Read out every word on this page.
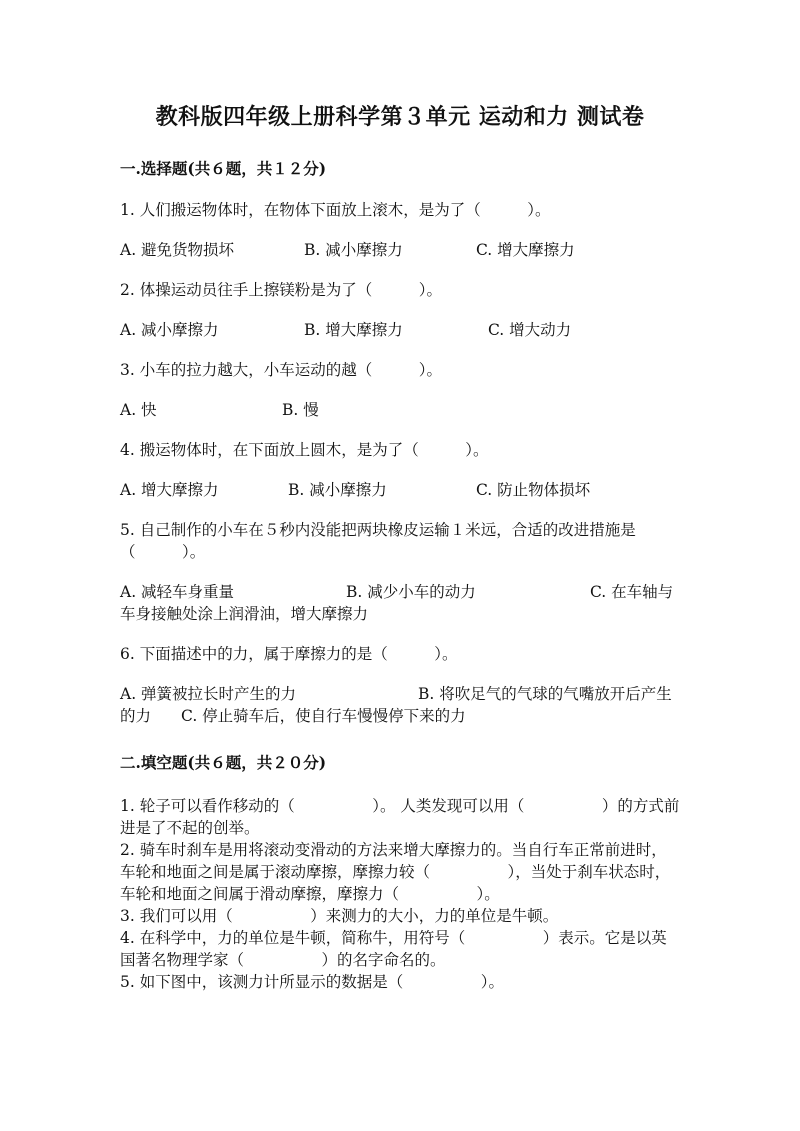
教科版四年级上册科学第３单元 运动和力 测试卷
一.选择题(共６题，共１２分)

1. 人们搬运物体时，在物体下面放上滚木，是为了（　　　）。

A. 避免货物损坏	B. 减小摩擦力	C. 增大摩擦力

2. 体操运动员往手上擦镁粉是为了（　　　）。

A. 减小摩擦力	B. 增大摩擦力	C. 增大动力

3. 小车的拉力越大，小车运动的越（　　　）。

A. 快	B. 慢

4. 搬运物体时，在下面放上圆木，是为了（　　　）。

A. 增大摩擦力	B. 减小摩擦力	C. 防止物体损坏

5. 自己制作的小车在５秒内没能把两块橡皮运输１米远，合适的改进措施是（　　　）。

A. 减轻车身重量	B. 减少小车的动力	C. 在车轴与车身接触处涂上润滑油，增大摩擦力

6. 下面描述中的力，属于摩擦力的是（　　　）。

A. 弹簧被拉长时产生的力	B. 将吹足气的气球的气嘴放开后产生的力 C. 停止骑车后，使自行车慢慢停下来的力

二.填空题(共６题，共２０分)

1. 轮子可以看作移动的（　　　　　）。 人类发现可以用（　　　　　）的方式前进是了不起的创举。

2. 骑车时刹车是用将滚动变滑动的方法来增大摩擦力的。当自行车正常前进时，车轮和地面之间是属于滚动摩擦，摩擦力较（　　　　　），当处于刹车状态时，车轮和地面之间属于滑动摩擦，摩擦力（　　　　　）。

3. 我们可以用（　　　　　）来测力的大小，力的单位是牛顿。

4. 在科学中，力的单位是牛顿，简称牛，用符号（　　　　　）表示。它是以英国著名物理学家（　　　　　）的名字命名的。

5. 如下图中，该测力计所显示的数据是（　　　　　）。
